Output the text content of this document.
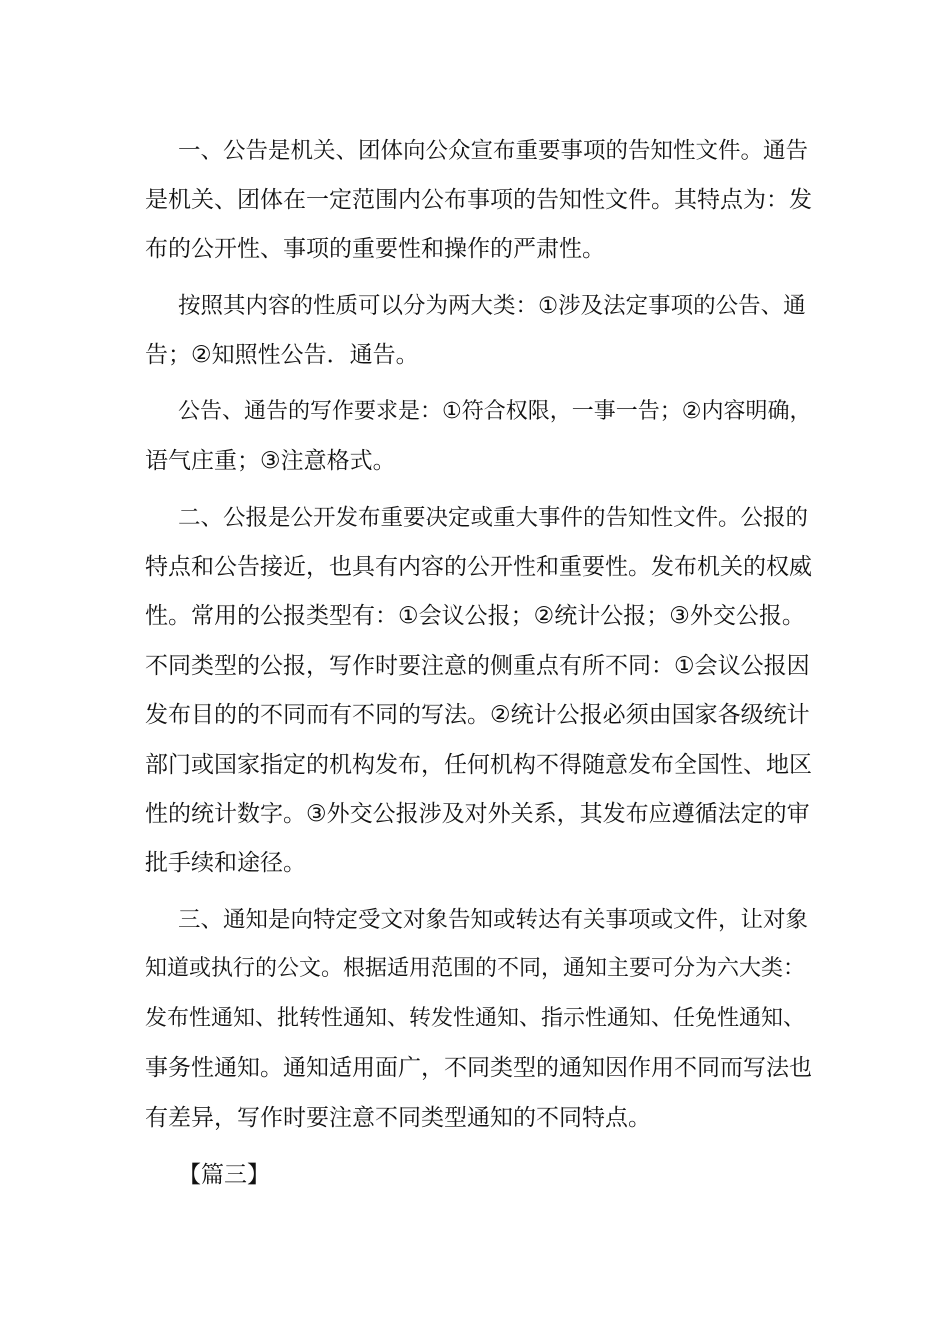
一、公告是机关、团体向公众宣布重要事项的告知性文件。通告
是机关、团体在一定范围内公布事项的告知性文件。其特点为：发
布的公开性、事项的重要性和操作的严肃性。
按照其内容的性质可以分为两大类：①涉及法定事项的公告、通
告；②知照性公告．通告。
公告、通告的写作要求是：①符合权限，一事一告；②内容明确，
语气庄重；③注意格式。
二、公报是公开发布重要决定或重大事件的告知性文件。公报的
特点和公告接近，也具有内容的公开性和重要性。发布机关的权威
性。常用的公报类型有：①会议公报；②统计公报；③外交公报。
不同类型的公报，写作时要注意的侧重点有所不同：①会议公报因
发布目的的不同而有不同的写法。②统计公报必须由国家各级统计
部门或国家指定的机构发布，任何机构不得随意发布全国性、地区
性的统计数字。③外交公报涉及对外关系，其发布应遵循法定的审
批手续和途径。
三、通知是向特定受文对象告知或转达有关事项或文件，让对象
知道或执行的公文。根据适用范围的不同，通知主要可分为六大类：
发布性通知、批转性通知、转发性通知、指示性通知、任免性通知、
事务性通知。通知适用面广，不同类型的通知因作用不同而写法也
有差异，写作时要注意不同类型通知的不同特点。
【篇三】
